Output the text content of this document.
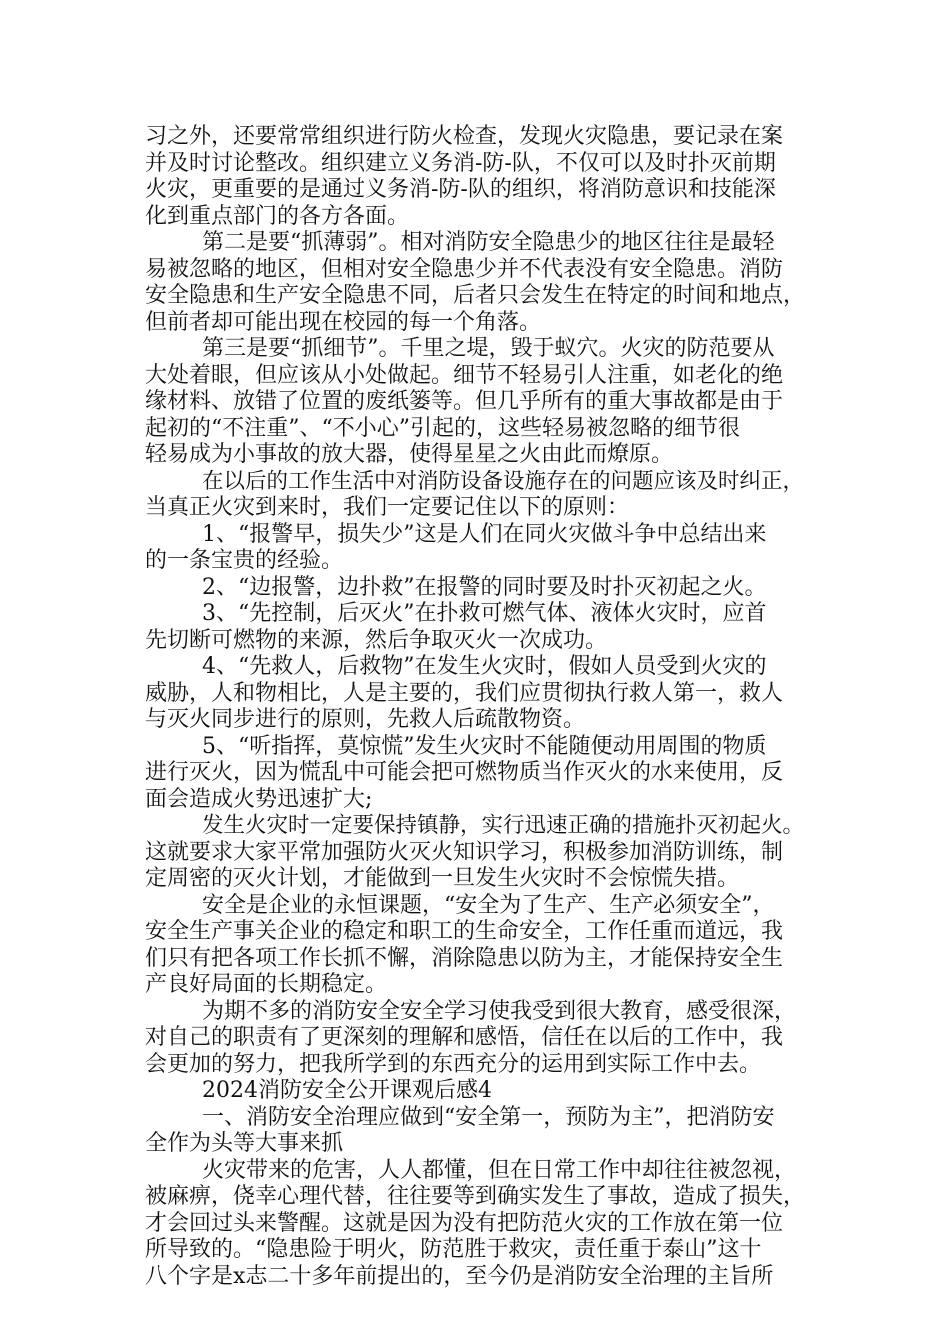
习之外，还要常常组织进行防火检查，发现火灾隐患，要记录在案
并及时讨论整改。组织建立义务消-防-队，不仅可以及时扑灭前期
火灾，更重要的是通过义务消-防-队的组织，将消防意识和技能深
化到重点部门的各方各面。
第二是要“抓薄弱”。相对消防安全隐患少的地区往往是最轻
易被忽略的地区，但相对安全隐患少并不代表没有安全隐患。消防
安全隐患和生产安全隐患不同，后者只会发生在特定的时间和地点，
但前者却可能出现在校园的每一个角落。
第三是要“抓细节”。千里之堤，毁于蚁穴。火灾的防范要从
大处着眼，但应该从小处做起。细节不轻易引人注重，如老化的绝
缘材料、放错了位置的废纸篓等。但几乎所有的重大事故都是由于
起初的“不注重”、“不小心”引起的，这些轻易被忽略的细节很
轻易成为小事故的放大器，使得星星之火由此而燎原。
在以后的工作生活中对消防设备设施存在的问题应该及时纠正，
当真正火灾到来时，我们一定要记住以下的原则：
1、“报警早，损失少”这是人们在同火灾做斗争中总结出来
的一条宝贵的经验。
2、“边报警，边扑救”在报警的同时要及时扑灭初起之火。
3、“先控制，后灭火”在扑救可燃气体、液体火灾时，应首
先切断可燃物的来源，然后争取灭火一次成功。
4、“先救人，后救物”在发生火灾时，假如人员受到火灾的
威胁，人和物相比，人是主要的，我们应贯彻执行救人第一，救人
与灭火同步进行的原则，先救人后疏散物资。
5、“听指挥，莫惊慌”发生火灾时不能随便动用周围的物质
进行灭火，因为慌乱中可能会把可燃物质当作灭火的水来使用，反
面会造成火势迅速扩大;
发生火灾时一定要保持镇静，实行迅速正确的措施扑灭初起火。
这就要求大家平常加强防火灭火知识学习，积极参加消防训练，制
定周密的灭火计划，才能做到一旦发生火灾时不会惊慌失措。
安全是企业的永恒课题，“安全为了生产、生产必须安全”，
安全生产事关企业的稳定和职工的生命安全，工作任重而道远，我
们只有把各项工作长抓不懈，消除隐患以防为主，才能保持安全生
产良好局面的长期稳定。
为期不多的消防安全安全学习使我受到很大教育，感受很深，
对自己的职责有了更深刻的理解和感悟，信任在以后的工作中，我
会更加的努力，把我所学到的东西充分的运用到实际工作中去。
2024消防安全公开课观后感4
一、消防安全治理应做到“安全第一，预防为主”，把消防安
全作为头等大事来抓
火灾带来的危害，人人都懂，但在日常工作中却往往被忽视，
被麻痹，侥幸心理代替，往往要等到确实发生了事故，造成了损失，
才会回过头来警醒。这就是因为没有把防范火灾的工作放在第一位
所导致的。“隐患险于明火，防范胜于救灾，责任重于泰山”这十
八个字是x志二十多年前提出的，至今仍是消防安全治理的主旨所
